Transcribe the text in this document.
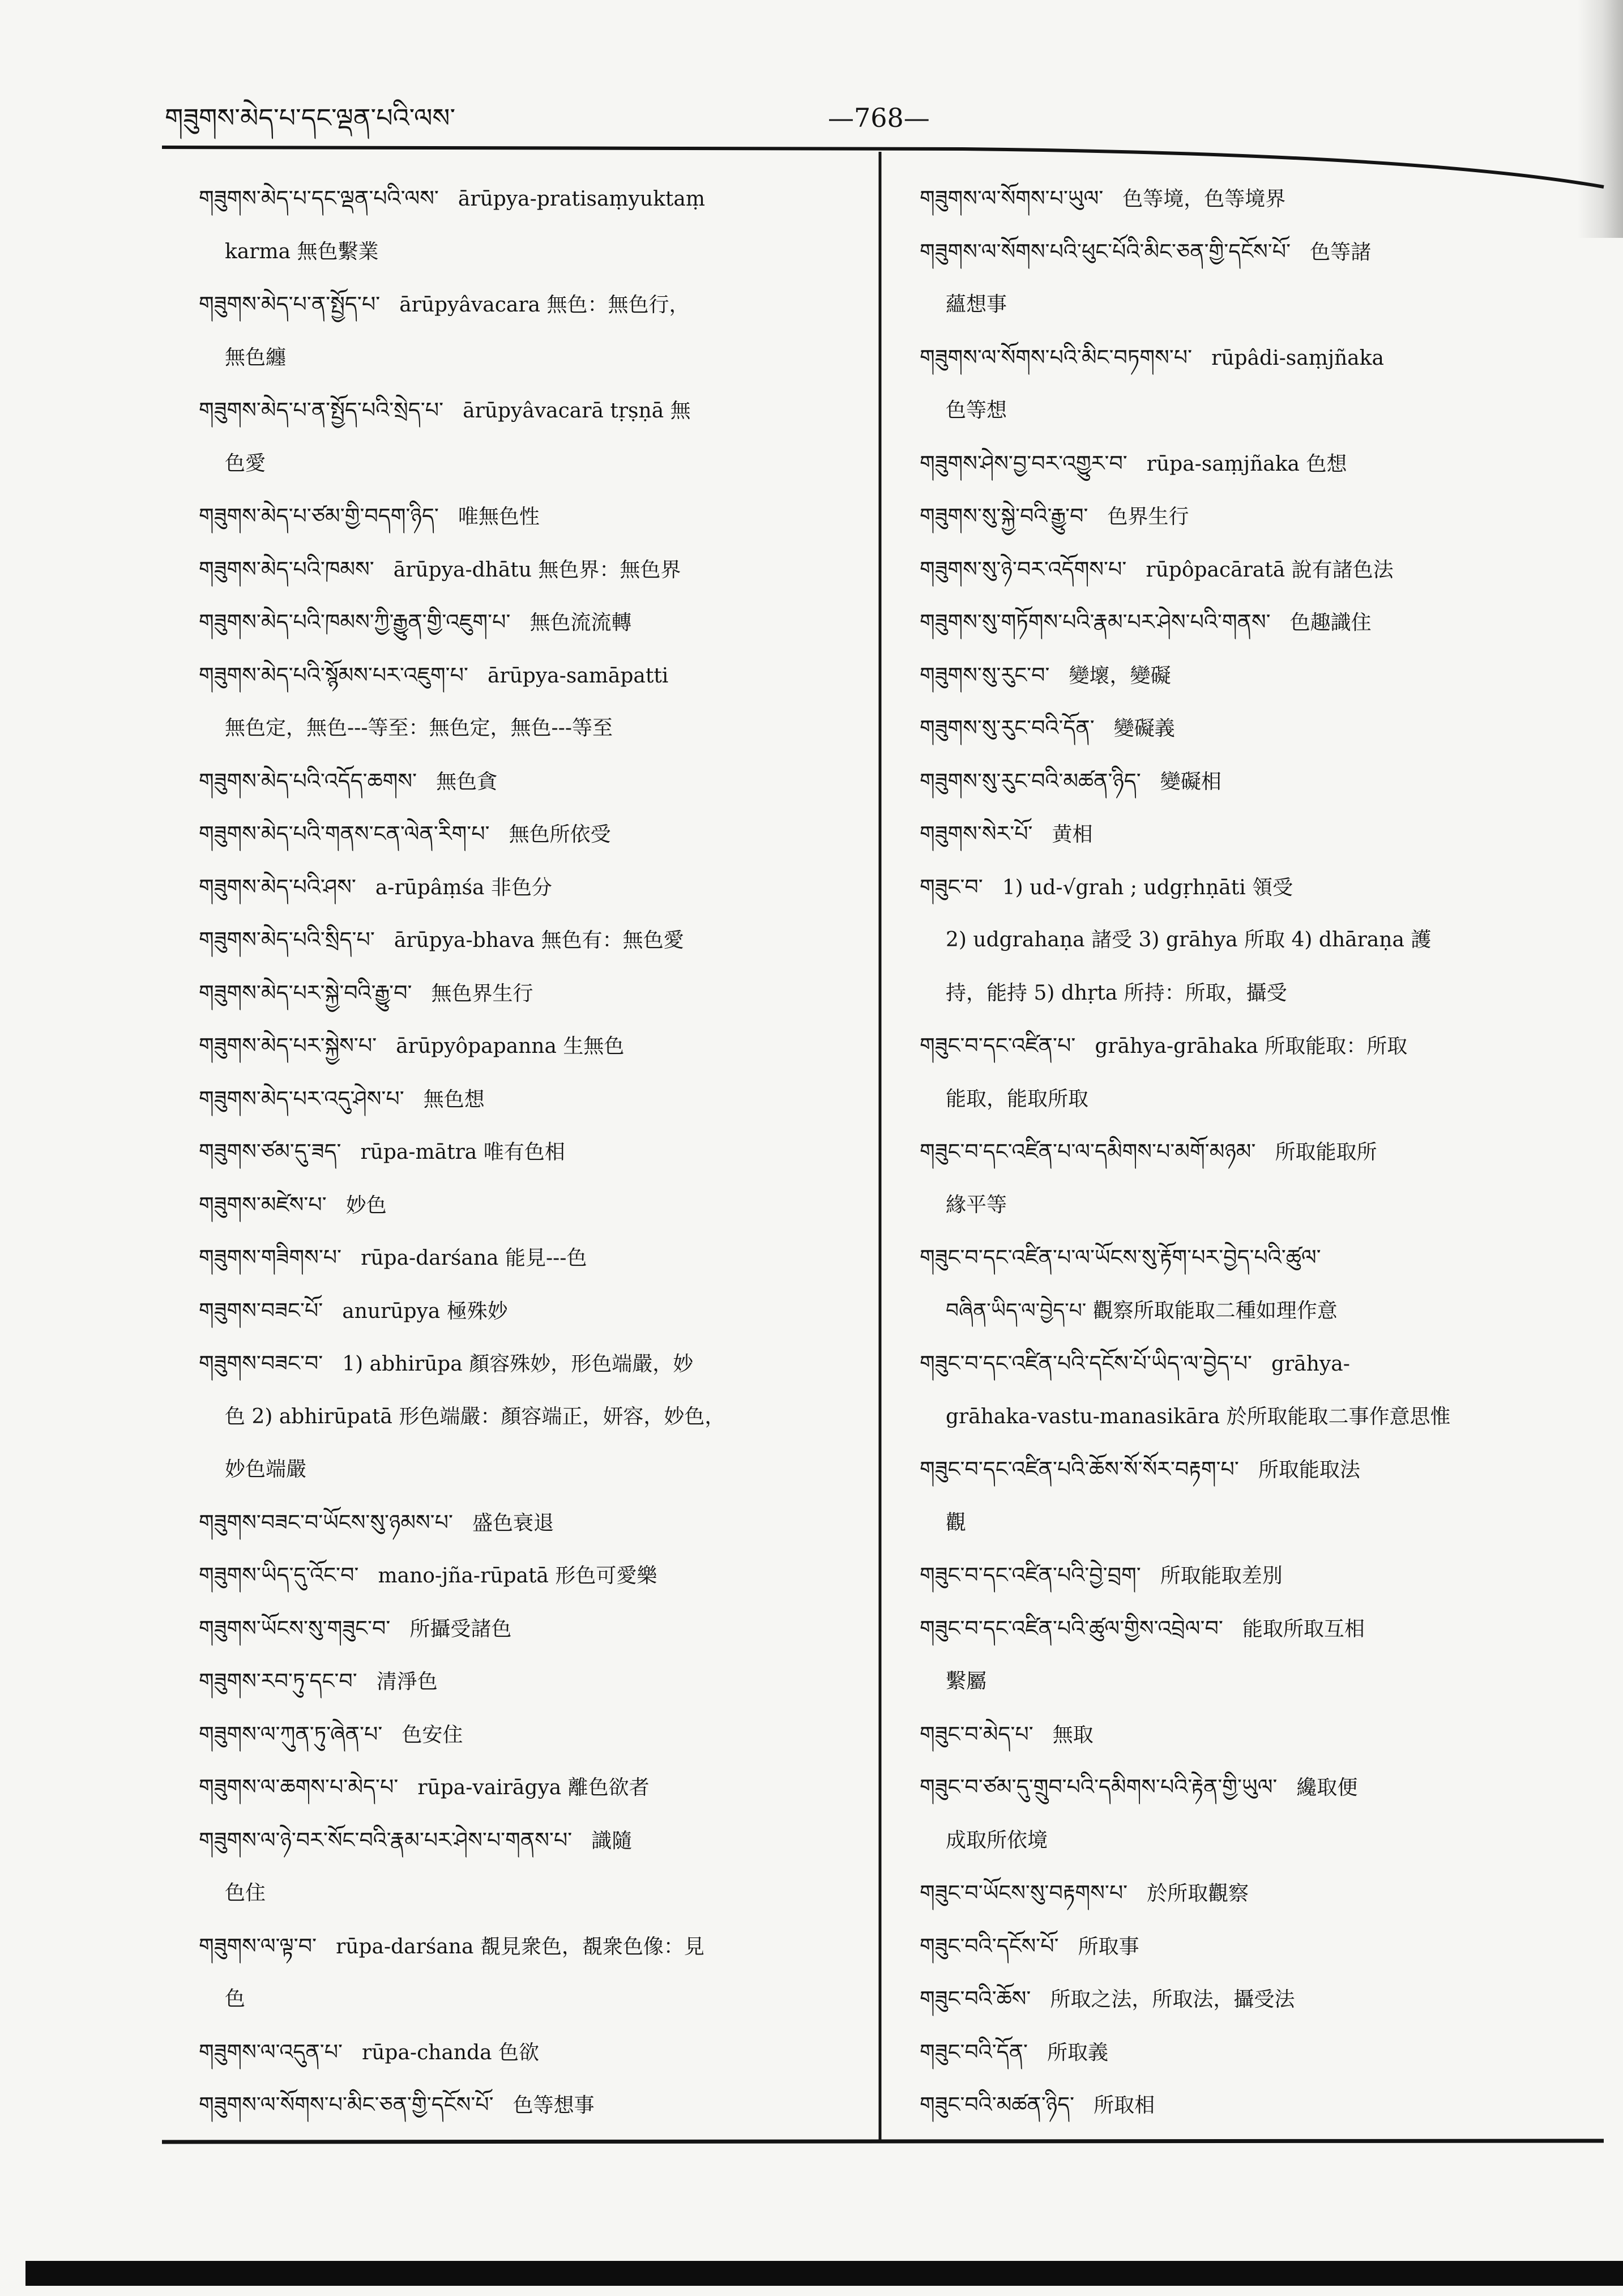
གཟུགས་མེད་པ་དང་ལྡན་པའི་ལས་	—768—
གཟུགས་མེད་པ་དང་ལྡན་པའི་ལས་ ārūpya-pratisaṃyuktaṃ
karma 無色繫業
གཟུགས་མེད་པ་ན་སྤྱོད་པ་ ārūpyâvacara 無色：無色行，
無色纏
གཟུགས་མེད་པ་ན་སྤྱོད་པའི་སྲེད་པ་ ārūpyâvacarā tṛṣṇā 無
色愛
གཟུགས་མེད་པ་ཙམ་གྱི་བདག་ཉིད་ 唯無色性
གཟུགས་མེད་པའི་ཁམས་ ārūpya-dhātu 無色界：無色界
གཟུགས་མེད་པའི་ཁམས་ཀྱི་རྒྱུན་གྱི་འཇུག་པ་ 無色流流轉
གཟུགས་མེད་པའི་སྙོམས་པར་འཇུག་པ་ ārūpya-samāpatti
無色定，無色---等至：無色定，無色---等至
གཟུགས་མེད་པའི་འདོད་ཆགས་ 無色貪
གཟུགས་མེད་པའི་གནས་ངན་ལེན་རིག་པ་ 無色所依受
གཟུགས་མེད་པའི་ཤས་ a-rūpâṃśa 非色分
གཟུགས་མེད་པའི་སྲིད་པ་ ārūpya-bhava 無色有：無色愛
གཟུགས་མེད་པར་སྐྱེ་བའི་རྒྱུ་བ་ 無色界生行
གཟུགས་མེད་པར་སྐྱེས་པ་ ārūpyôpapanna 生無色
གཟུགས་མེད་པར་འདུ་ཤེས་པ་ 無色想
གཟུགས་ཙམ་དུ་ཟད་ rūpa-mātra 唯有色相
གཟུགས་མཛེས་པ་ 妙色
གཟུགས་གཟིགས་པ་ rūpa-darśana 能見---色
གཟུགས་བཟང་པོ་ anurūpya 極殊妙
གཟུགས་བཟང་བ་ 1) abhirūpa 顏容殊妙，形色端嚴，妙
色 2) abhirūpatā 形色端嚴：顏容端正，妍容，妙色，
妙色端嚴
གཟུགས་བཟང་བ་ཡོངས་སུ་ཉམས་པ་ 盛色衰退
གཟུགས་ཡིད་དུ་འོང་བ་ mano-jña-rūpatā 形色可愛樂
གཟུགས་ཡོངས་སུ་གཟུང་བ་ 所攝受諸色
གཟུགས་རབ་ཏུ་དང་བ་ 清淨色
གཟུགས་ལ་ཀུན་ཏུ་ཞེན་པ་ 色安住
གཟུགས་ལ་ཆགས་པ་མེད་པ་ rūpa-vairāgya 離色欲者
གཟུགས་ལ་ཉེ་བར་སོང་བའི་རྣམ་པར་ཤེས་པ་གནས་པ་ 識隨
色住
གཟུགས་ལ་ལྟ་བ་ rūpa-darśana 覩見衆色，覩衆色像：見
色
གཟུགས་ལ་འདུན་པ་ rūpa-chanda 色欲
གཟུགས་ལ་སོགས་པ་མིང་ཅན་གྱི་དངོས་པོ་ 色等想事
གཟུགས་ལ་སོགས་པ་ཡུལ་ 色等境，色等境界
གཟུགས་ལ་སོགས་པའི་ཕུང་པོའི་མིང་ཅན་གྱི་དངོས་པོ་ 色等諸
蘊想事
གཟུགས་ལ་སོགས་པའི་མིང་བཏགས་པ་ rūpâdi-saṃjñaka
色等想
གཟུགས་ཤེས་བྱ་བར་འགྱུར་བ་ rūpa-saṃjñaka 色想
གཟུགས་སུ་སྐྱེ་བའི་རྒྱུ་བ་ 色界生行
གཟུགས་སུ་ཉེ་བར་འདོགས་པ་ rūpôpacāratā 說有諸色法
གཟུགས་སུ་གཏོགས་པའི་རྣམ་པར་ཤེས་པའི་གནས་ 色趣識住
གཟུགས་སུ་རུང་བ་ 變壞，變礙
གཟུགས་སུ་རུང་བའི་དོན་ 變礙義
གཟུགས་སུ་རུང་བའི་མཚན་ཉིད་ 變礙相
གཟུགས་སེར་པོ་ 黄相
གཟུང་བ་ 1) ud-√grah ; udgṛhṇāti 領受
2) udgrahaṇa 諸受 3) grāhya 所取 4) dhāraṇa 護
持，能持 5) dhṛta 所持：所取，攝受
གཟུང་བ་དང་འཛིན་པ་ grāhya-grāhaka 所取能取：所取
能取，能取所取
གཟུང་བ་དང་འཛིན་པ་ལ་དམིགས་པ་མགོ་མཉམ་ 所取能取所
緣平等
གཟུང་བ་དང་འཛིན་པ་ལ་ཡོངས་སུ་རྟོག་པར་བྱེད་པའི་ཚུལ་
བཞིན་ཡིད་ལ་བྱེད་པ་ 觀察所取能取二種如理作意
གཟུང་བ་དང་འཛིན་པའི་དངོས་པོ་ཡིད་ལ་བྱེད་པ་ grāhya-
grāhaka-vastu-manasikāra 於所取能取二事作意思惟
གཟུང་བ་དང་འཛིན་པའི་ཆོས་སོ་སོར་བརྟག་པ་ 所取能取法
觀
གཟུང་བ་དང་འཛིན་པའི་བྱེ་བྲག་ 所取能取差別
གཟུང་བ་དང་འཛིན་པའི་ཚུལ་གྱིས་འབྲེལ་བ་ 能取所取互相
繫屬
གཟུང་བ་མེད་པ་ 無取
གཟུང་བ་ཙམ་དུ་གྲུབ་པའི་དམིགས་པའི་རྟེན་གྱི་ཡུལ་ 纔取便
成取所依境
གཟུང་བ་ཡོངས་སུ་བརྟགས་པ་ 於所取觀察
གཟུང་བའི་དངོས་པོ་ 所取事
གཟུང་བའི་ཆོས་ 所取之法，所取法，攝受法
གཟུང་བའི་དོན་ 所取義
གཟུང་བའི་མཚན་ཉིད་ 所取相
